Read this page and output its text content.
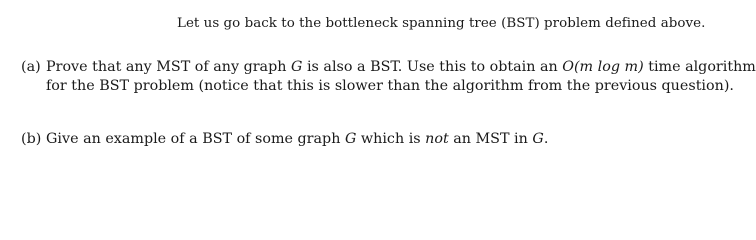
Let us go back to the bottleneck spanning tree (BST) problem defined above.
(a) Prove that any MST of any graph G is also a BST. Use this to obtain an O(m log m) time algorithm
for the BST problem (notice that this is slower than the algorithm from the previous question).
(b) Give an example of a BST of some graph G which is not an MST in G.
